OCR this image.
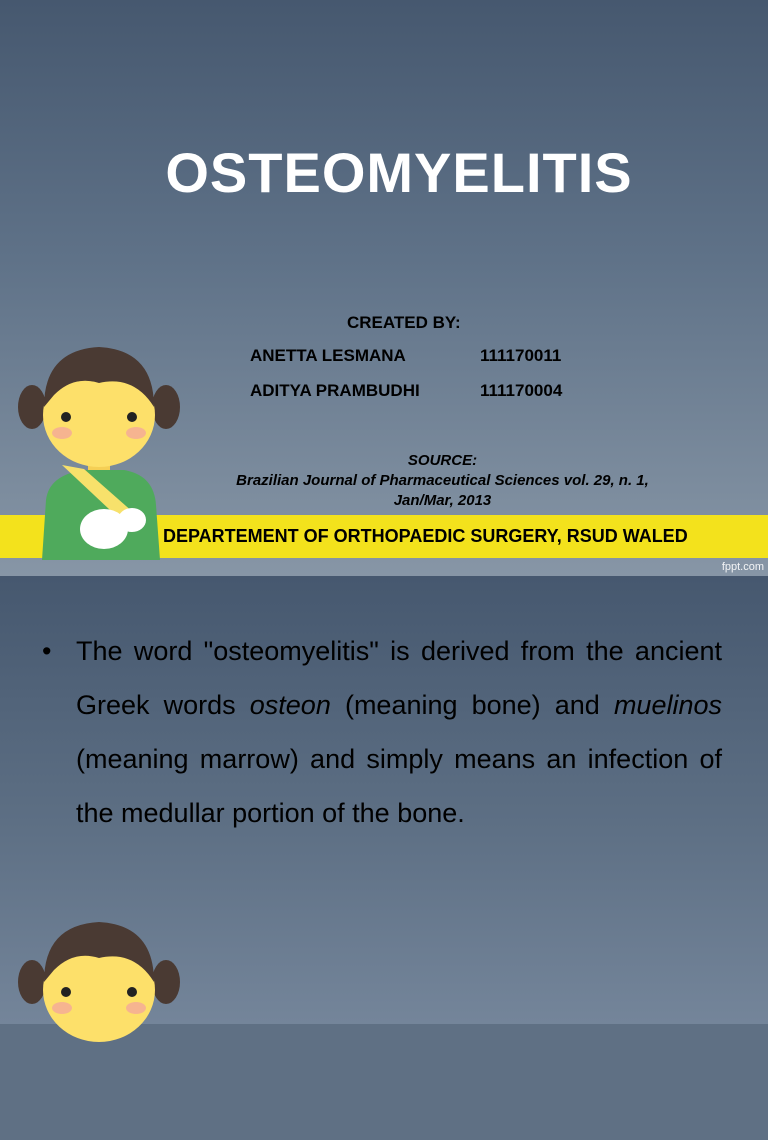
OSTEOMYELITIS
CREATED BY:
ANETTA LESMANA	111170011
ADITYA PRAMBUDHI	111170004
SOURCE:
Brazilian Journal of Pharmaceutical Sciences vol. 29, n. 1,
Jan/Mar, 2013
DEPARTEMENT OF ORTHOPAEDIC SURGERY, RSUD WALED
fppt.com
• The word "osteomyelitis" is derived from the ancient Greek words osteon (meaning bone) and muelinos (meaning marrow) and simply means an infection of the medullar portion of the bone.
